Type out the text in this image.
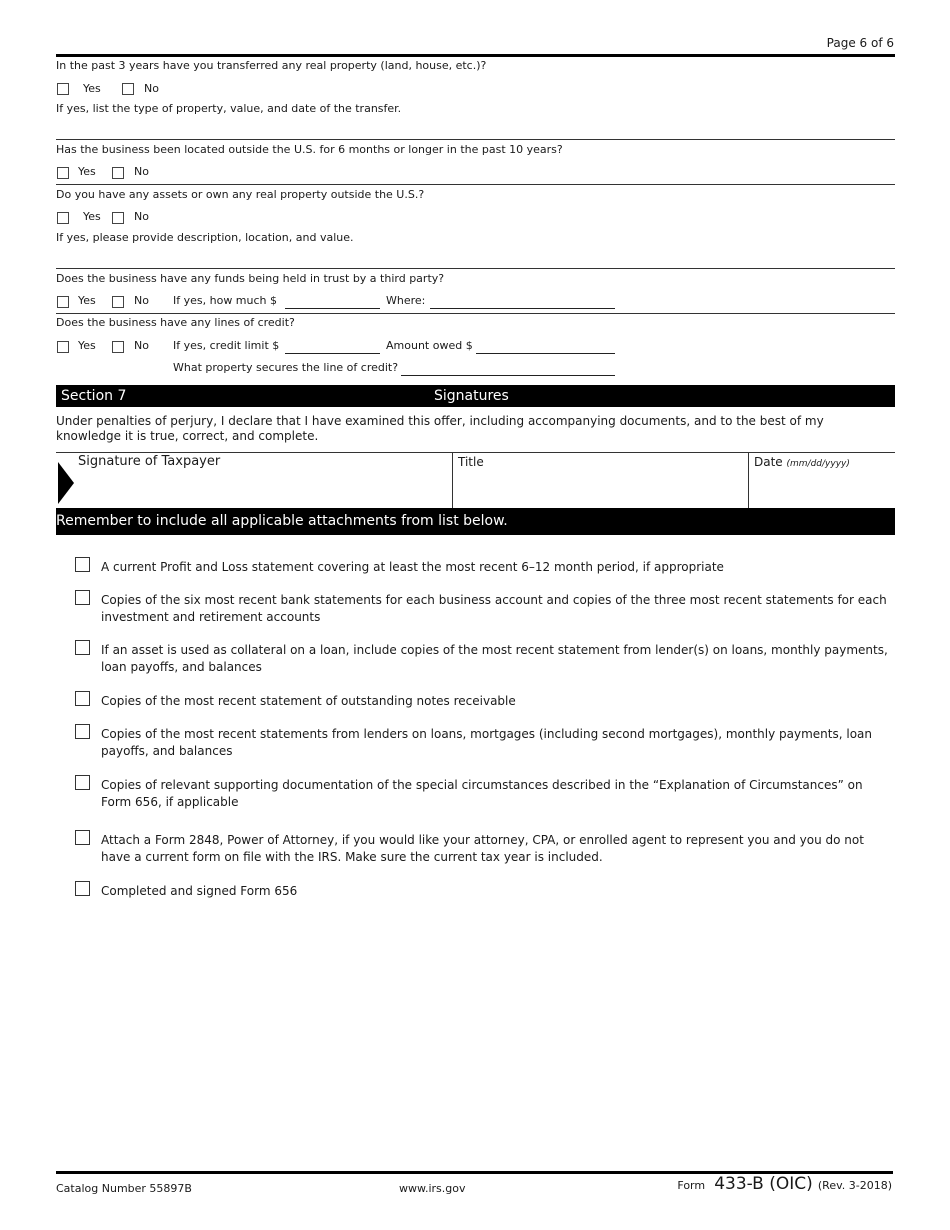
Page 6 of 6
In the past 3 years have you transferred any real property (land, house, etc.)?
Yes	No
If yes, list the type of property, value, and date of the transfer.
Has the business been located outside the U.S. for 6 months or longer in the past 10 years?
Yes	No
Do you have any assets or own any real property outside the U.S.?
Yes	No
If yes, please provide description, location, and value.
Does the business have any funds being held in trust by a third party?
Yes	No If yes, how much $	Where:
Does the business have any lines of credit?
Yes	No If yes, credit limit $	Amount owed $
What property secures the line of credit?
Section 7	Signatures
Under penalties of perjury, I declare that I have examined this offer, including accompanying documents, and to the best of my knowledge it is true, correct, and complete.
Signature of Taxpayer	Title	Date (mm/dd/yyyy)
Remember to include all applicable attachments from list below.
A current Profit and Loss statement covering at least the most recent 6–12 month period, if appropriate
Copies of the six most recent bank statements for each business account and copies of the three most recent statements for each investment and retirement accounts
If an asset is used as collateral on a loan, include copies of the most recent statement from lender(s) on loans, monthly payments, loan payoffs, and balances
Copies of the most recent statement of outstanding notes receivable
Copies of the most recent statements from lenders on loans, mortgages (including second mortgages), monthly payments, loan payoffs, and balances
Copies of relevant supporting documentation of the special circumstances described in the “Explanation of Circumstances” on Form 656, if applicable
Attach a Form 2848, Power of Attorney, if you would like your attorney, CPA, or enrolled agent to represent you and you do not have a current form on file with the IRS. Make sure the current tax year is included.
Completed and signed Form 656
Catalog Number 55897B	www.irs.gov	Form 433-B (OIC) (Rev. 3-2018)
